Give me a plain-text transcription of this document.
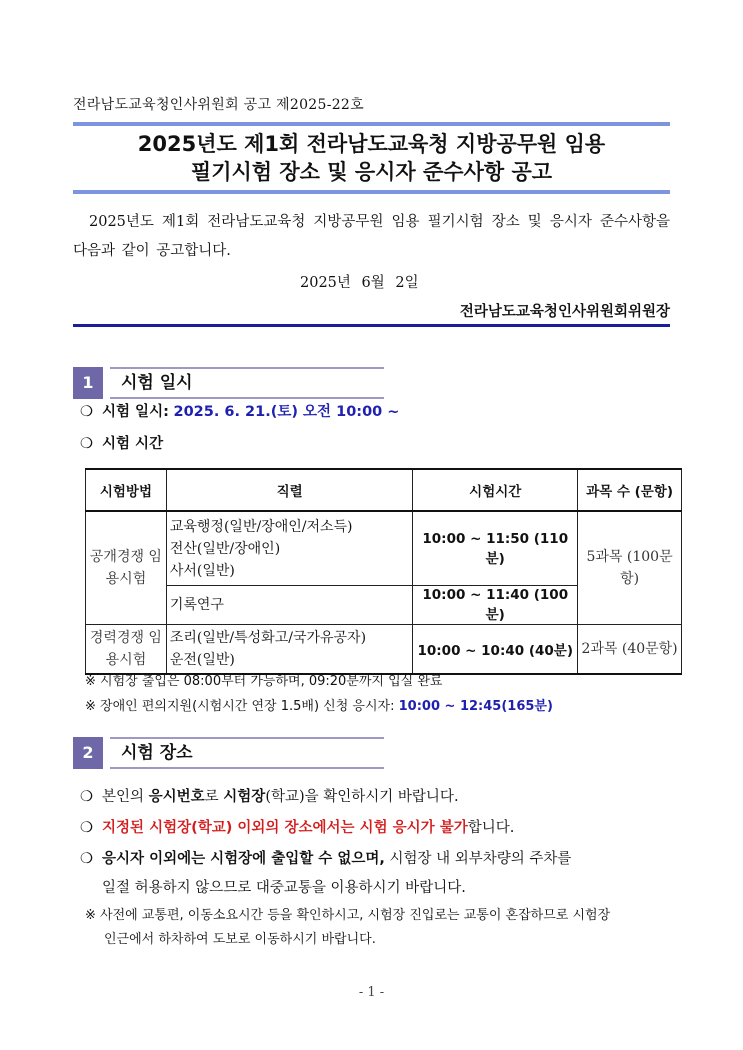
전라남도교육청인사위원회 공고 제2025-22호
2025년도 제1회 전라남도교육청 지방공무원 임용
필기시험 장소 및 응시자 준수사항 공고
2025년도 제1회 전라남도교육청 지방공무원 임용 필기시험 장소 및 응시자 준수사항을 다음과 같이 공고합니다.
2025년 6월 2일
전라남도교육청인사위원회위원장
1	시험 일시
❍ 시험 일시: 2025. 6. 21.(토) 오전 10:00 ~
❍ 시험 시간
시험방법	직렬	시험시간	과목 수 (문항)
공개경쟁 임용시험	교육행정(일반/장애인/저소득)
전산(일반/장애인)
사서(일반)	10:00 ~ 11:50 (110분)	5과목 (100문항)
	기록연구	10:00 ~ 11:40 (100분)	
경력경쟁 임용시험	조리(일반/특성화고/국가유공자)
운전(일반)	10:00 ~ 10:40 (40분)	2과목 (40문항)
※ 시험장 출입은 08:00부터 가능하며, 09:20분까지 입실 완료
※ 장애인 편의지원(시험시간 연장 1.5배) 신청 응시자: 10:00 ~ 12:45(165분)
2	시험 장소
❍ 본인의 응시번호로 시험장(학교)을 확인하시기 바랍니다.
❍ 지정된 시험장(학교) 이외의 장소에서는 시험 응시가 불가합니다.
❍ 응시자 이외에는 시험장에 출입할 수 없으며, 시험장 내 외부차량의 주차를
일절 허용하지 않으므로 대중교통을 이용하시기 바랍니다.
※ 사전에 교통편, 이동소요시간 등을 확인하시고, 시험장 진입로는 교통이 혼잡하므로 시험장
인근에서 하차하여 도보로 이동하시기 바랍니다.
- 1 -
